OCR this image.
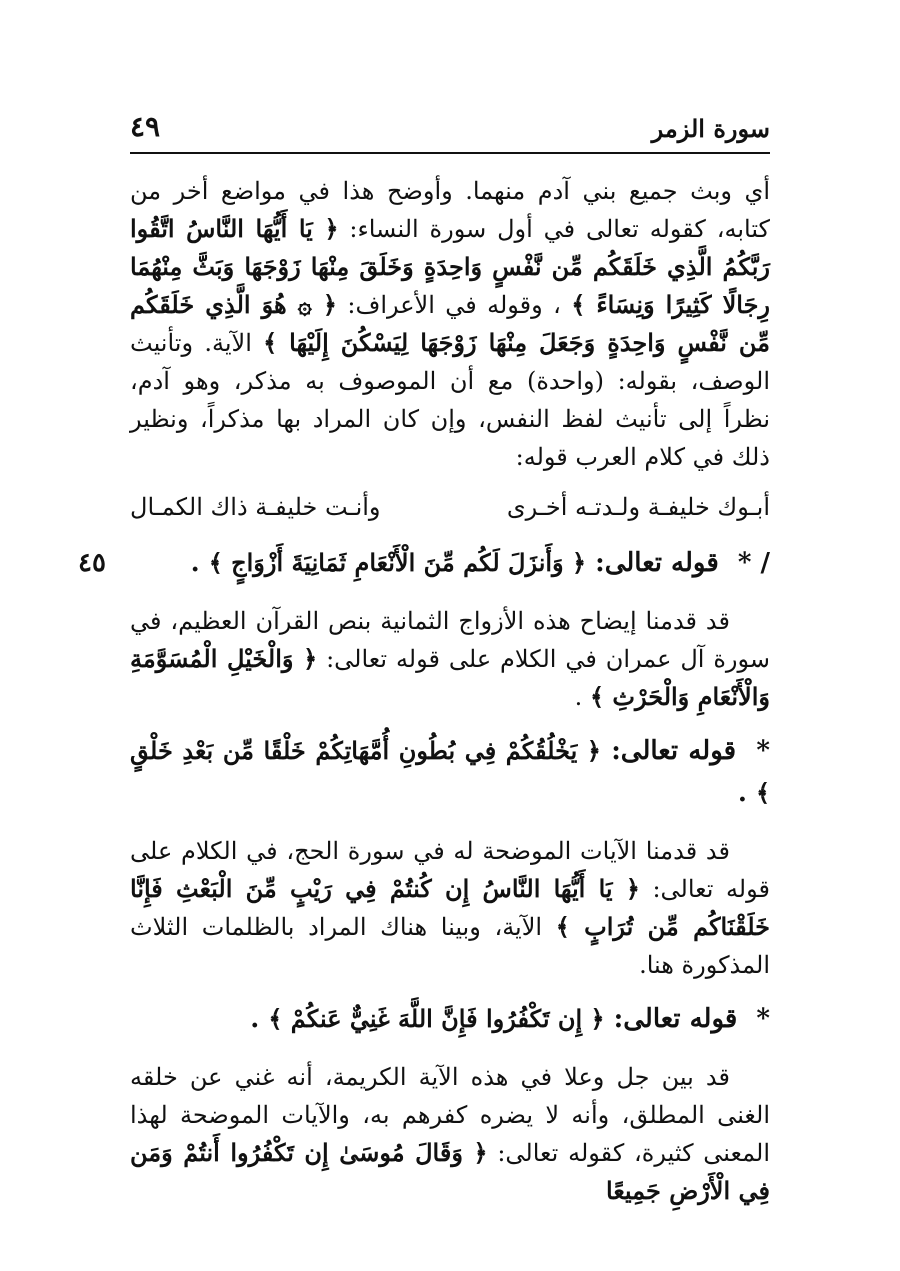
سورة الزمر
٤٩
٤٥

أي وبث جميع بني آدم منهما. وأوضح هذا في مواضع أخر من كتابه، كقوله تعالى في أول سورة النساء: ﴿ يَا أَيُّهَا النَّاسُ اتَّقُوا رَبَّكُمُ الَّذِي خَلَقَكُم مِّن نَّفْسٍ وَاحِدَةٍ وَخَلَقَ مِنْهَا زَوْجَهَا وَبَثَّ مِنْهُمَا رِجَالًا كَثِيرًا وَنِسَاءً ﴾ ، وقوله في الأعراف: ﴿ ۞ هُوَ الَّذِي خَلَقَكُم مِّن نَّفْسٍ وَاحِدَةٍ وَجَعَلَ مِنْهَا زَوْجَهَا لِيَسْكُنَ إِلَيْهَا ﴾ الآية. وتأنيث الوصف، بقوله: (واحدة) مع أن الموصوف به مذكر، وهو آدم، نظراً إلى تأنيث لفظ النفس، وإن كان المراد بها مذكراً، ونظير ذلك في كلام العرب قوله:

أبـوك خليفـة ولـدتـه أخـرى
وأنـت خليفـة ذاك الكمـال
/ * قوله تعالى: ﴿ وَأَنزَلَ لَكُم مِّنَ الْأَنْعَامِ ثَمَانِيَةَ أَزْوَاجٍ ﴾ .

قد قدمنا إيضاح هذه الأزواج الثمانية بنص القرآن العظيم، في سورة آل عمران في الكلام على قوله تعالى: ﴿ وَالْخَيْلِ الْمُسَوَّمَةِ وَالْأَنْعَامِ وَالْحَرْثِ ﴾ .

* قوله تعالى: ﴿ يَخْلُقُكُمْ فِي بُطُونِ أُمَّهَاتِكُمْ خَلْقًا مِّن بَعْدِ خَلْقٍ ﴾ .

قد قدمنا الآيات الموضحة له في سورة الحج، في الكلام على قوله تعالى: ﴿ يَا أَيُّهَا النَّاسُ إِن كُنتُمْ فِي رَيْبٍ مِّنَ الْبَعْثِ فَإِنَّا خَلَقْنَاكُم مِّن تُرَابٍ ﴾ الآية، وبينا هناك المراد بالظلمات الثلاث المذكورة هنا.

* قوله تعالى: ﴿ إِن تَكْفُرُوا فَإِنَّ اللَّهَ غَنِيٌّ عَنكُمْ ﴾ .

قد بين جل وعلا في هذه الآية الكريمة، أنه غني عن خلقه الغنى المطلق، وأنه لا يضره كفرهم به، والآيات الموضحة لهذا المعنى كثيرة، كقوله تعالى: ﴿ وَقَالَ مُوسَىٰ إِن تَكْفُرُوا أَنتُمْ وَمَن فِي الْأَرْضِ جَمِيعًا
